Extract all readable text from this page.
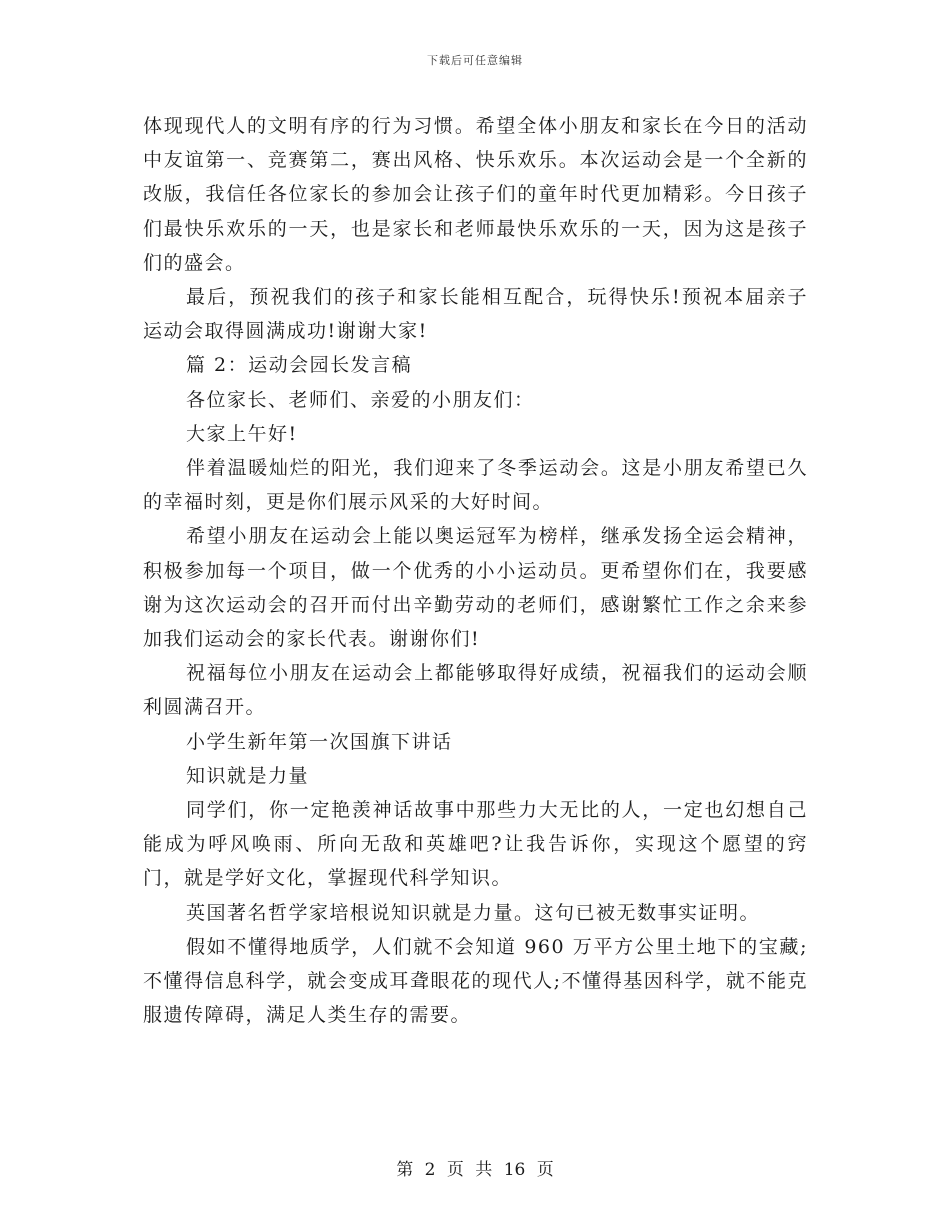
下载后可任意编辑

体现现代人的文明有序的行为习惯。希望全体小朋友和家长在今日的活动中友谊第一、竞赛第二，赛出风格、快乐欢乐。本次运动会是一个全新的改版，我信任各位家长的参加会让孩子们的童年时代更加精彩。今日孩子们最快乐欢乐的一天，也是家长和老师最快乐欢乐的一天，因为这是孩子们的盛会。

最后，预祝我们的孩子和家长能相互配合，玩得快乐!预祝本届亲子运动会取得圆满成功!谢谢大家!

篇 2：运动会园长发言稿

各位家长、老师们、亲爱的小朋友们：

大家上午好!

伴着温暖灿烂的阳光，我们迎来了冬季运动会。这是小朋友希望已久的幸福时刻，更是你们展示风采的大好时间。

希望小朋友在运动会上能以奥运冠军为榜样，继承发扬全运会精神，积极参加每一个项目，做一个优秀的小小运动员。更希望你们在，我要感谢为这次运动会的召开而付出辛勤劳动的老师们，感谢繁忙工作之余来参加我们运动会的家长代表。谢谢你们!

祝福每位小朋友在运动会上都能够取得好成绩，祝福我们的运动会顺利圆满召开。

小学生新年第一次国旗下讲话

知识就是力量

同学们，你一定艳羡神话故事中那些力大无比的人，一定也幻想自己能成为呼风唤雨、所向无敌和英雄吧?让我告诉你，实现这个愿望的窍门，就是学好文化，掌握现代科学知识。

英国著名哲学家培根说知识就是力量。这句已被无数事实证明。

假如不懂得地质学，人们就不会知道 960 万平方公里土地下的宝藏;不懂得信息科学，就会变成耳聋眼花的现代人;不懂得基因科学，就不能克服遗传障碍，满足人类生存的需要。

第 2 页 共 16 页
